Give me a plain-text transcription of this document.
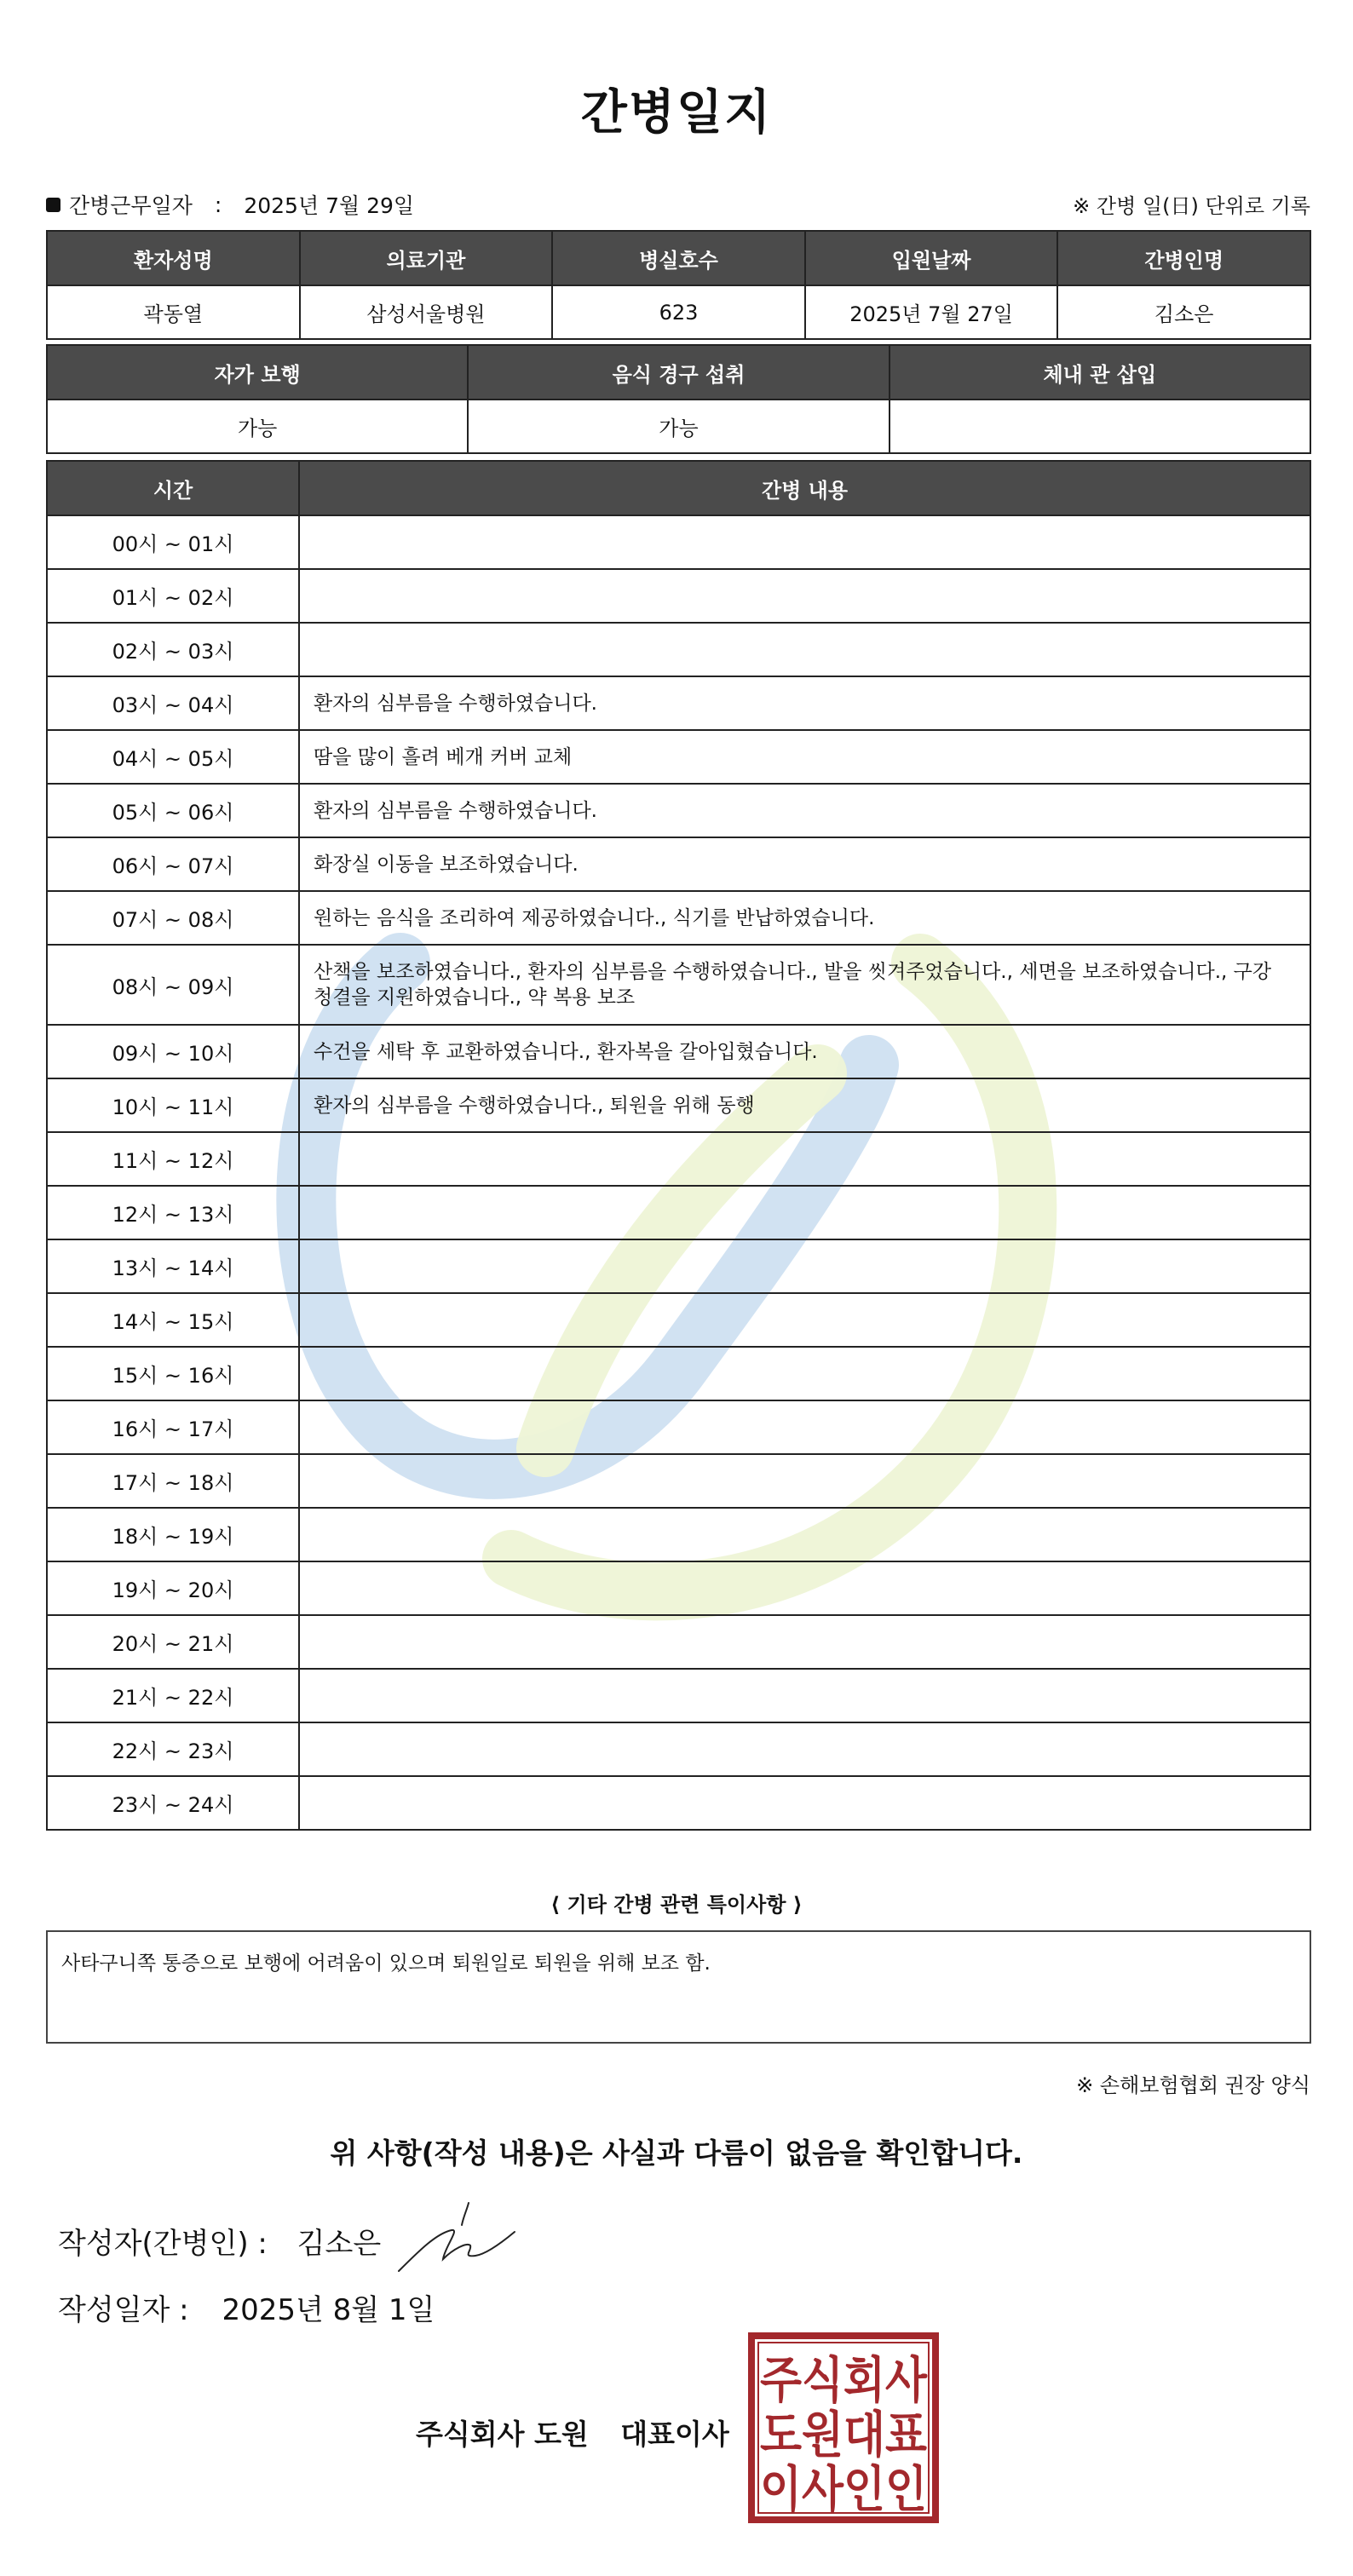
간병일지
간병근무일자 : 2025년 7월 29일	※ 간병 일(日) 단위로 기록
환자성명	의료기관	병실호수	입원날짜	간병인명
곽동열	삼성서울병원	623	2025년 7월 27일	김소은
자가 보행	음식 경구 섭취	체내 관 삽입
가능	가능	
시간	간병 내용
00시 ~ 01시	
01시 ~ 02시	
02시 ~ 03시	
03시 ~ 04시	환자의 심부름을 수행하였습니다.
04시 ~ 05시	땀을 많이 흘려 베개 커버 교체
05시 ~ 06시	환자의 심부름을 수행하였습니다.
06시 ~ 07시	화장실 이동을 보조하였습니다.
07시 ~ 08시	원하는 음식을 조리하여 제공하였습니다., 식기를 반납하였습니다.
08시 ~ 09시	산책을 보조하였습니다., 환자의 심부름을 수행하였습니다., 발을 씻겨주었습니다., 세면을 보조하였습니다., 구강 청결을 지원하였습니다., 약 복용 보조
09시 ~ 10시	수건을 세탁 후 교환하였습니다., 환자복을 갈아입혔습니다.
10시 ~ 11시	환자의 심부름을 수행하였습니다., 퇴원을 위해 동행
11시 ~ 12시	
12시 ~ 13시	
13시 ~ 14시	
14시 ~ 15시	
15시 ~ 16시	
16시 ~ 17시	
17시 ~ 18시	
18시 ~ 19시	
19시 ~ 20시	
20시 ~ 21시	
21시 ~ 22시	
22시 ~ 23시	
23시 ~ 24시	
⟨ 기타 간병 관련 특이사항 ⟩
사타구니쪽 통증으로 보행에 어려움이 있으며 퇴원일로 퇴원을 위해 보조 함.
※ 손해보험협회 권장 양식
위 사항(작성 내용)은 사실과 다름이 없음을 확인합니다.
작성자(간병인) : 김소은
작성일자 : 2025년 8월 1일
주식회사 도원 대표이사
주식회사
도원대표
이사인인
